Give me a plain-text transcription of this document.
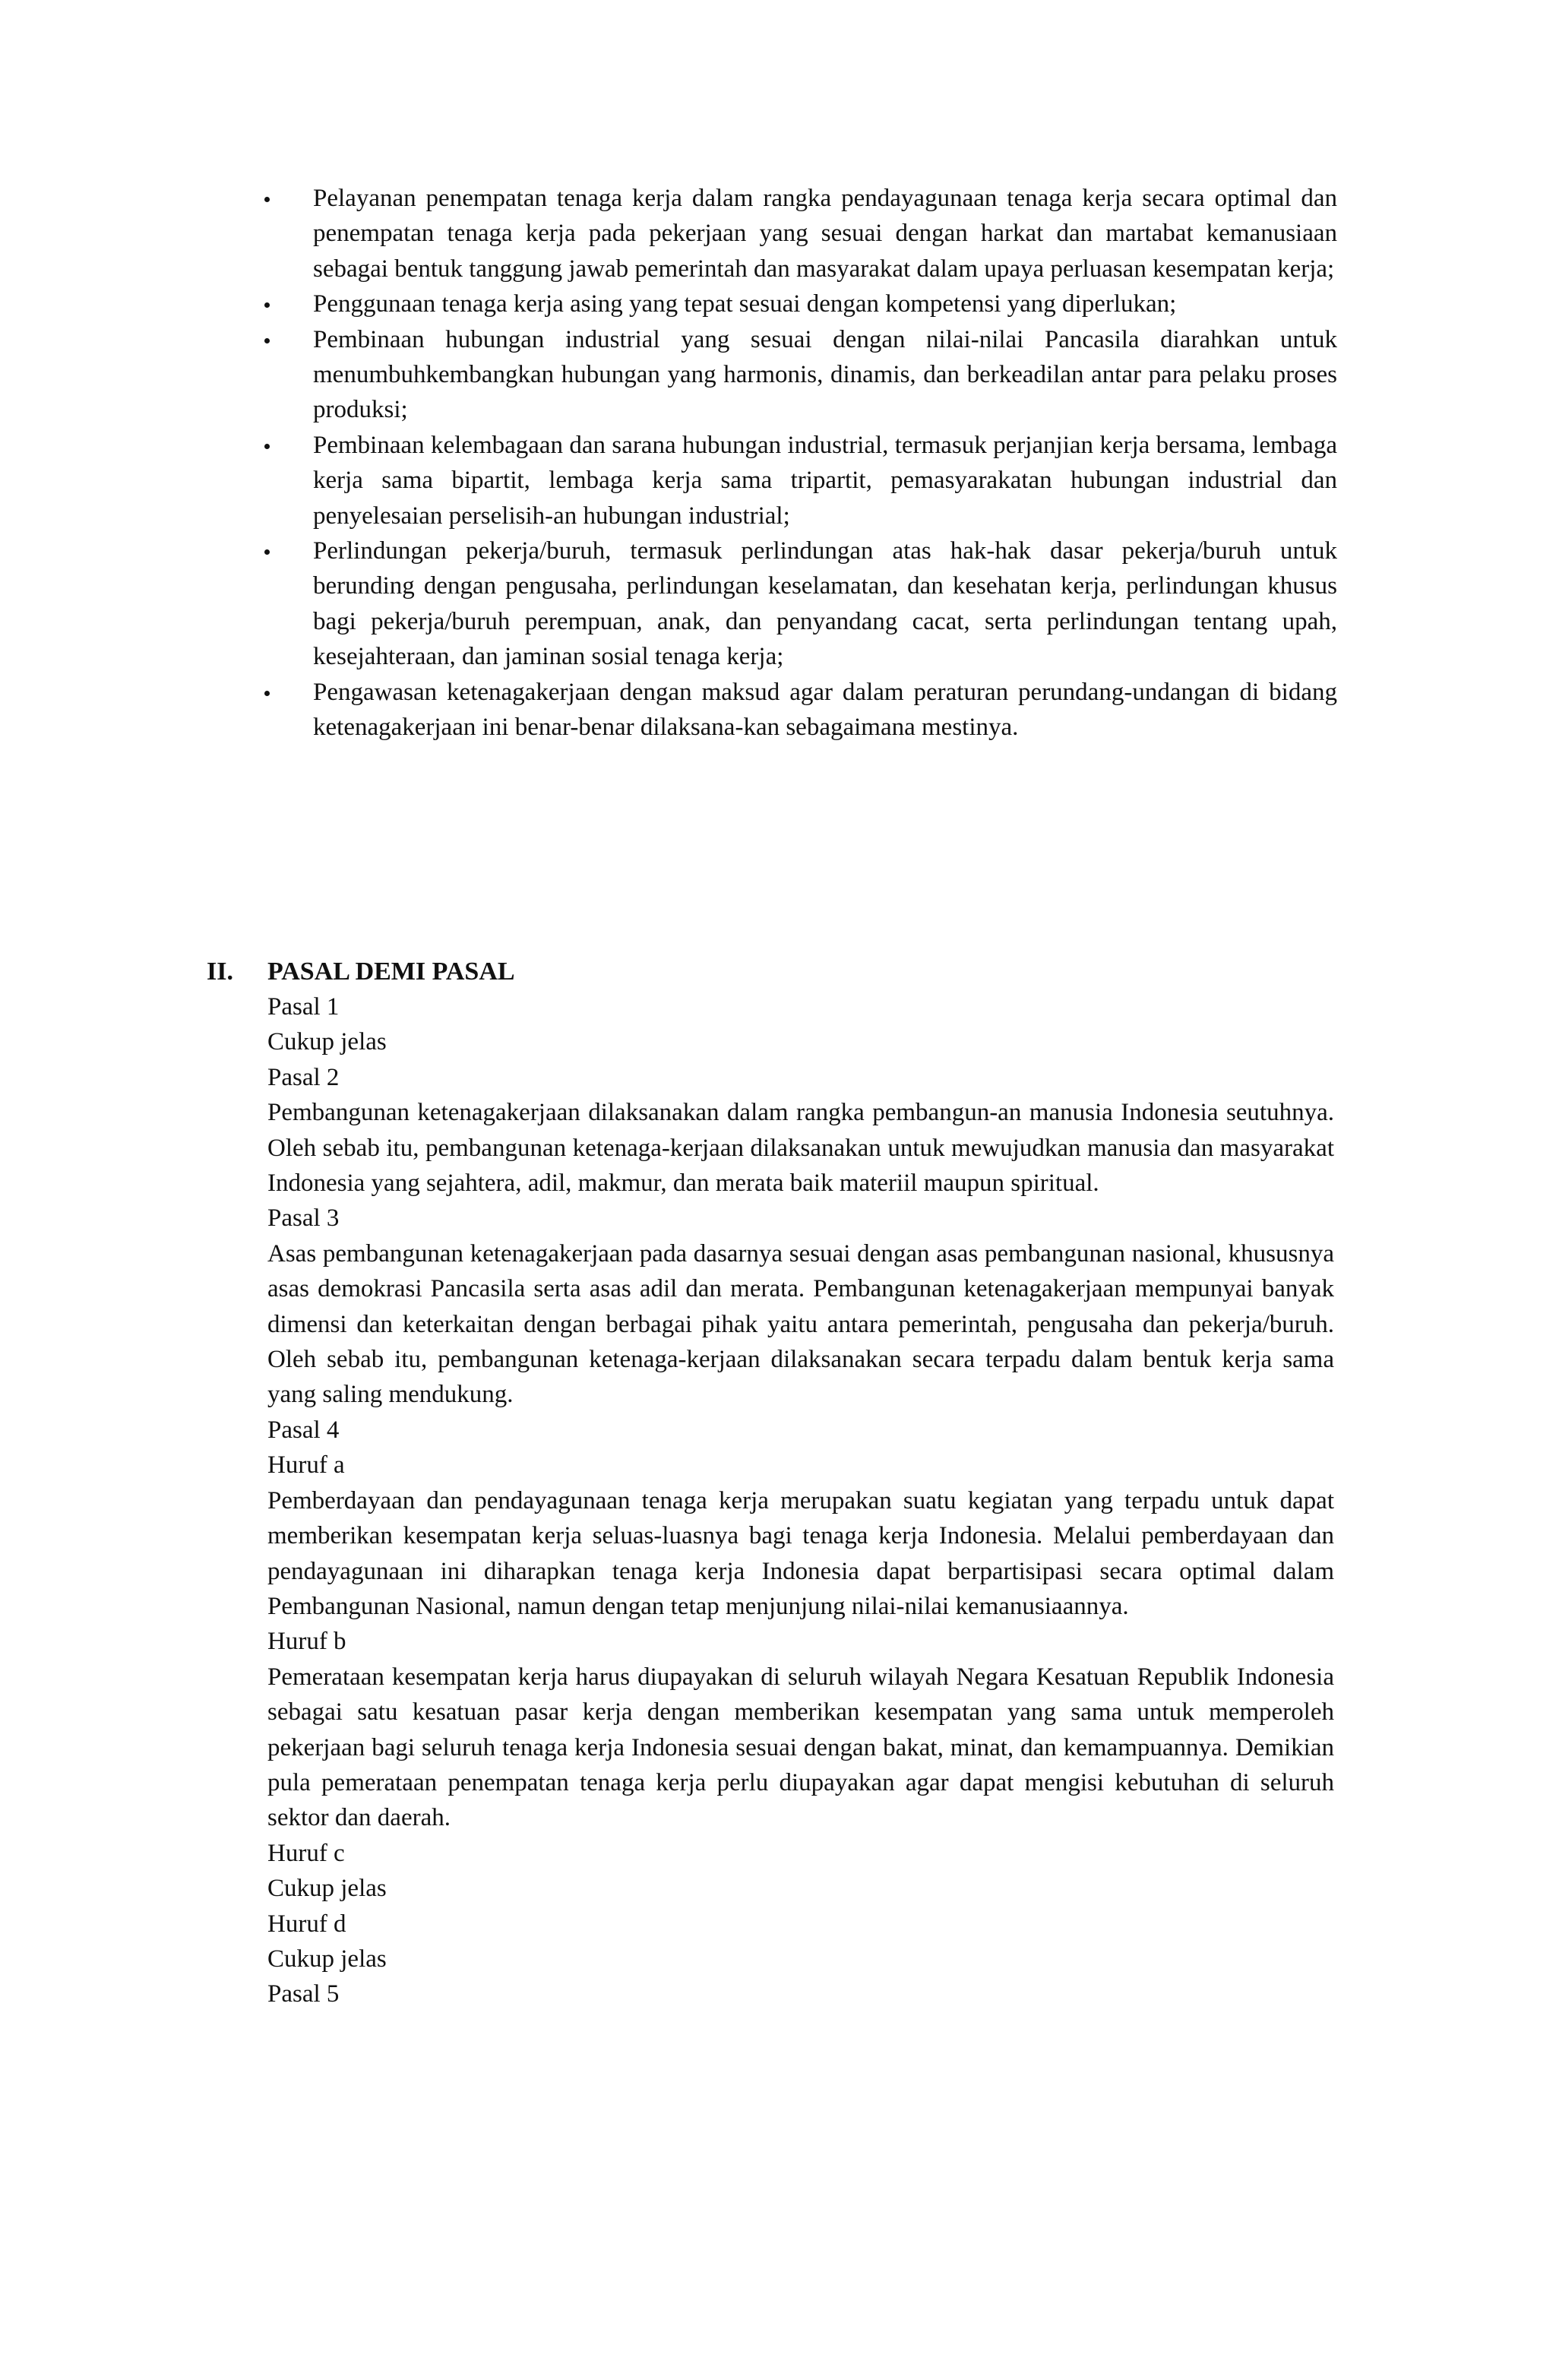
Pelayanan penempatan tenaga kerja dalam rangka pendayagunaan tenaga kerja secara optimal dan penempatan tenaga kerja pada pekerjaan yang sesuai dengan harkat dan martabat kemanusiaan sebagai bentuk tanggung jawab pemerintah dan masyarakat dalam upaya perluasan kesempatan kerja;
Penggunaan tenaga kerja asing yang tepat sesuai dengan kompetensi yang diperlukan;
Pembinaan hubungan industrial yang sesuai dengan nilai-nilai Pancasila diarahkan untuk menumbuhkembangkan hubungan yang harmonis, dinamis, dan berkeadilan antar para pelaku proses produksi;
Pembinaan kelembagaan dan sarana hubungan industrial, termasuk perjanjian kerja bersama, lembaga kerja sama bipartit, lembaga kerja sama tripartit, pemasyarakatan hubungan industrial dan penyelesaian perselisih-an hubungan industrial;
Perlindungan pekerja/buruh, termasuk perlindungan atas hak-hak dasar pekerja/buruh untuk berunding dengan pengusaha, perlindungan keselamatan, dan kesehatan kerja, perlindungan khusus bagi pekerja/buruh perempuan, anak, dan penyandang cacat, serta perlindungan tentang upah, kesejahteraan, dan jaminan sosial tenaga kerja;
Pengawasan ketenagakerjaan dengan maksud agar dalam peraturan perundang-undangan di bidang ketenagakerjaan ini benar-benar dilaksana-kan sebagaimana mestinya.
II. PASAL DEMI PASAL

Pasal 1

Cukup jelas

Pasal 2

Pembangunan ketenagakerjaan dilaksanakan dalam rangka pembangun-an manusia Indonesia seutuhnya. Oleh sebab itu, pembangunan ketenaga-kerjaan dilaksanakan untuk mewujudkan manusia dan masyarakat Indonesia yang sejahtera, adil, makmur, dan merata baik materiil maupun spiritual.

Pasal 3

Asas pembangunan ketenagakerjaan pada dasarnya sesuai dengan asas pembangunan nasional, khususnya asas demokrasi Pancasila serta asas adil dan merata. Pembangunan ketenagakerjaan mempunyai banyak dimensi dan keterkaitan dengan berbagai pihak yaitu antara pemerintah, pengusaha dan pekerja/buruh. Oleh sebab itu, pembangunan ketenaga-kerjaan dilaksanakan secara terpadu dalam bentuk kerja sama yang saling mendukung.

Pasal 4

Huruf a

Pemberdayaan dan pendayagunaan tenaga kerja merupakan suatu kegiatan yang terpadu untuk dapat memberikan kesempatan kerja seluas-luasnya bagi tenaga kerja Indonesia. Melalui pemberdayaan dan pendayagunaan ini diharapkan tenaga kerja Indonesia dapat berpartisipasi secara optimal dalam Pembangunan Nasional, namun dengan tetap menjunjung nilai-nilai kemanusiaannya.

Huruf b

Pemerataan kesempatan kerja harus diupayakan di seluruh wilayah Negara Kesatuan Republik Indonesia sebagai satu kesatuan pasar kerja dengan memberikan kesempatan yang sama untuk memperoleh pekerjaan bagi seluruh tenaga kerja Indonesia sesuai dengan bakat, minat, dan kemampuannya. Demikian pula pemerataan penempatan tenaga kerja perlu diupayakan agar dapat mengisi kebutuhan di seluruh sektor dan daerah.

Huruf c

Cukup jelas

Huruf d

Cukup jelas

Pasal 5
